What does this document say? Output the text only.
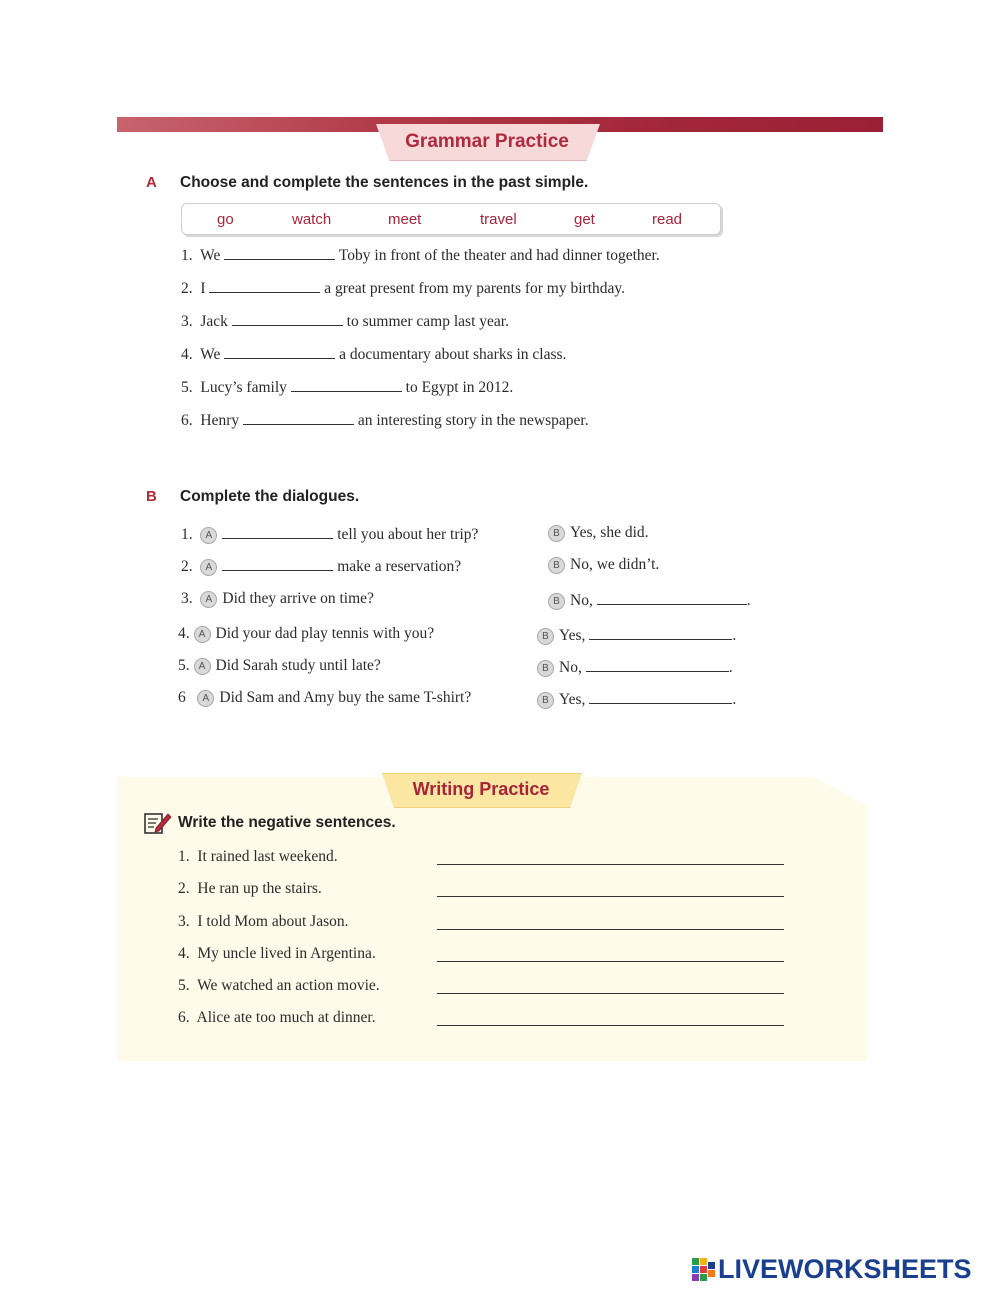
Grammar Practice
A Choose and complete the sentences in the past simple.
go	watch	meet	travel	get	read
1. We	Toby in front of the theater and had dinner together.
2. I	a great present from my parents for my birthday.
3. Jack	to summer camp last year.
4. We	a documentary about sharks in class.
5. Lucy’s family	to Egypt in 2012.
6. Henry	an interesting story in the newspaper.
B Complete the dialogues.
1. A	tell you about her trip?	B Yes, she did.
2. A	make a reservation?	B No, we didn’t.
3. A Did they arrive on time?	B No,	.
4. A Did your dad play tennis with you?	B Yes,	.
5. A Did Sarah study until late?	B No,	.
6 A Did Sam and Amy buy the same T-shirt?	B Yes,	.
Writing Practice
Write the negative sentences.
1. It rained last weekend.
2. He ran up the stairs.
3. I told Mom about Jason.
4. My uncle lived in Argentina.
5. We watched an action movie.
6. Alice ate too much at dinner.
LIVEWORKSHEETS
